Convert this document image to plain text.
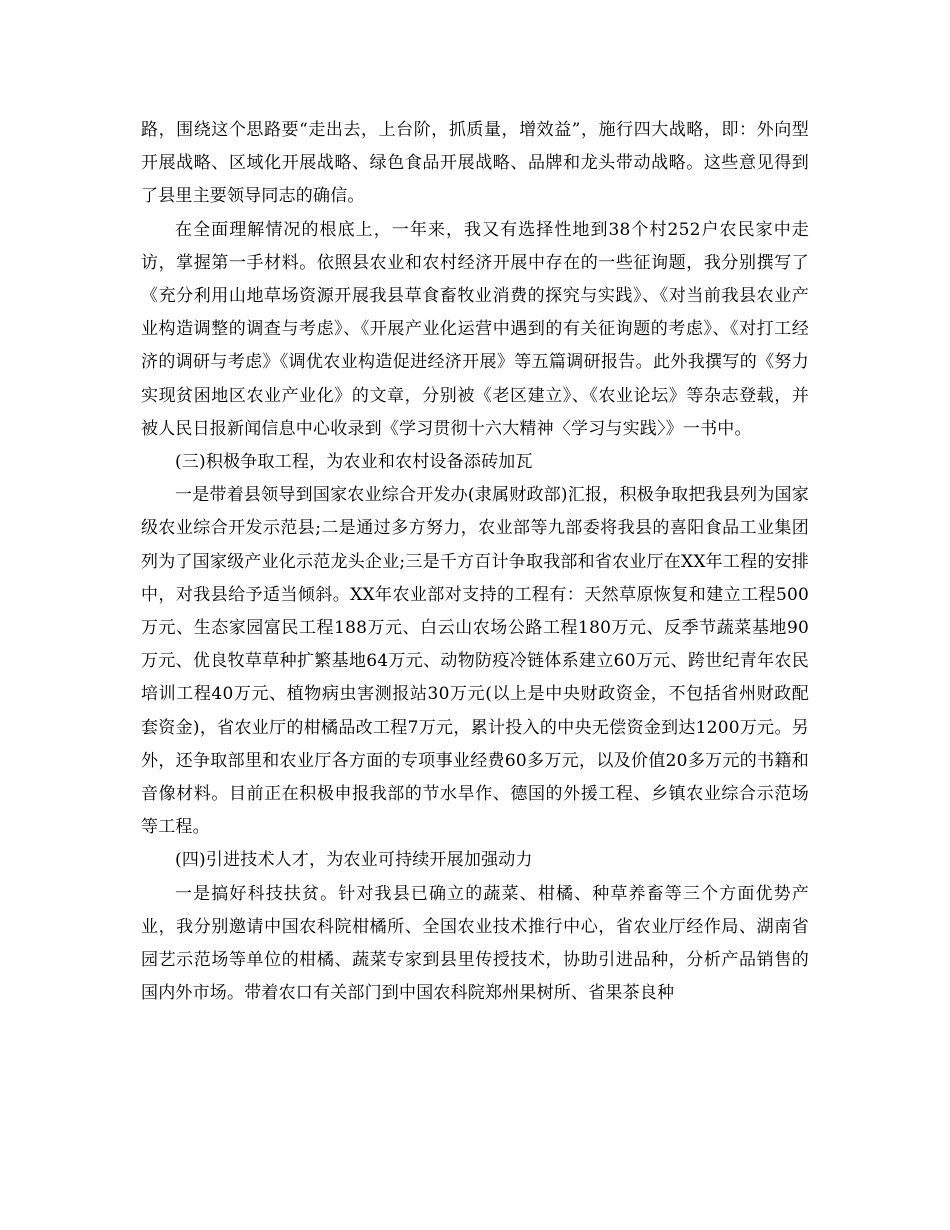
路，围绕这个思路要“走出去，上台阶，抓质量，增效益”，施行四大战略，即：外向型开展战略、区域化开展战略、绿色食品开展战略、品牌和龙头带动战略。这些意见得到了县里主要领导同志的确信。

在全面理解情况的根底上，一年来，我又有选择性地到38个村252户农民家中走访，掌握第一手材料。依照县农业和农村经济开展中存在的一些征询题，我分别撰写了《充分利用山地草场资源开展我县草食畜牧业消费的探究与实践》、《对当前我县农业产业构造调整的调查与考虑》、《开展产业化运营中遇到的有关征询题的考虑》、《对打工经济的调研与考虑》《调优农业构造促进经济开展》等五篇调研报告。此外我撰写的《努力实现贫困地区农业产业化》的文章，分别被《老区建立》、《农业论坛》等杂志登载，并被人民日报新闻信息中心收录到《学习贯彻十六大精神〈学习与实践〉》一书中。

(三)积极争取工程，为农业和农村设备添砖加瓦

一是带着县领导到国家农业综合开发办(隶属财政部)汇报，积极争取把我县列为国家级农业综合开发示范县;二是通过多方努力，农业部等九部委将我县的喜阳食品工业集团列为了国家级产业化示范龙头企业;三是千方百计争取我部和省农业厅在XX年工程的安排中，对我县给予适当倾斜。XX年农业部对支持的工程有：天然草原恢复和建立工程500万元、生态家园富民工程188万元、白云山农场公路工程180万元、反季节蔬菜基地90万元、优良牧草草种扩繁基地64万元、动物防疫冷链体系建立60万元、跨世纪青年农民培训工程40万元、植物病虫害测报站30万元(以上是中央财政资金，不包括省州财政配套资金)，省农业厅的柑橘品改工程7万元，累计投入的中央无偿资金到达1200万元。另外，还争取部里和农业厅各方面的专项事业经费60多万元，以及价值20多万元的书籍和音像材料。目前正在积极申报我部的节水旱作、德国的外援工程、乡镇农业综合示范场等工程。

(四)引进技术人才，为农业可持续开展加强动力

一是搞好科技扶贫。针对我县已确立的蔬菜、柑橘、种草养畜等三个方面优势产业，我分别邀请中国农科院柑橘所、全国农业技术推行中心，省农业厅经作局、湖南省园艺示范场等单位的柑橘、蔬菜专家到县里传授技术，协助引进品种，分析产品销售的国内外市场。带着农口有关部门到中国农科院郑州果树所、省果茶良种
